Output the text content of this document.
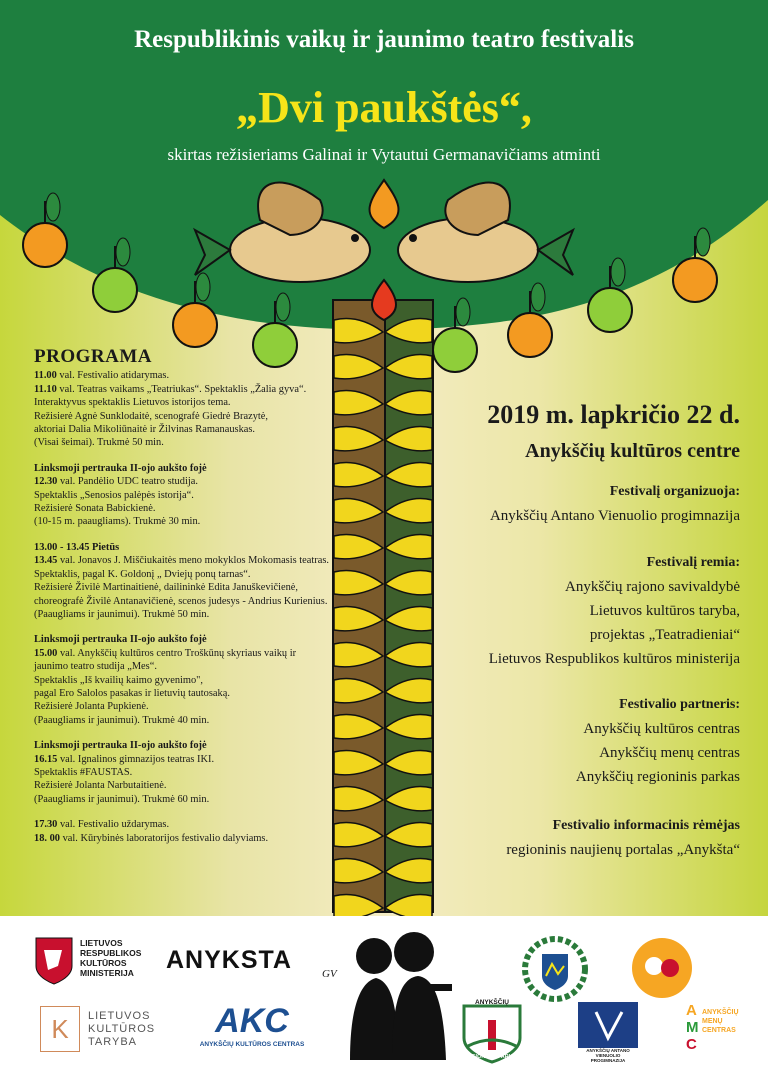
Respublikinis vaikų ir jaunimo teatro festivalis
„Dvi paukštės“,
skirtas režisieriams Galinai ir Vytautui Germanavičiams atminti
PROGRAMA
11.00 val. Festivalio atidarymas.
11.10 val. Teatras vaikams „Teatriukas“. Spektaklis „Žalia gyva“.
Interaktyvus spektaklis Lietuvos istorijos tema.
Režisierė Agnė Sunklodaitė, scenografė Giedrė Brazytė,
aktoriai Dalia Mikoliūnaitė ir Žilvinas Ramanauskas.
(Visai šeimai). Trukmė 50 min.
Linksmoji pertrauka II-ojo aukšto fojė
12.30 val. Pandėlio UDC teatro studija.
Spektaklis „Senosios palėpės istorija“.
Režisierė Sonata Babickienė.
(10-15 m. paaugliams). Trukmė 30 min.
13.00 - 13.45 Pietūs
13.45 val. Jonavos J. Miščiukaitės meno mokyklos Mokomasis teatras.
Spektaklis, pagal K. Goldonį „ Dviejų ponų tarnas“.
Režisierė Živilė Martinaitienė, dailininkė Edita Januškevičienė,
choreografė Živilė Antanavičienė, scenos judesys - Andrius Kurienius.
(Paaugliams ir jaunimui). Trukmė 50 min.
Linksmoji pertrauka II-ojo aukšto fojė
15.00 val. Anykščių kultūros centro Troškūnų skyriaus vaikų ir
jaunimo teatro studija „Mes“.
Spektaklis „Iš kvailių kaimo gyvenimo",
pagal Ero Salolos pasakas ir lietuvių tautosaką.
Režisierė Jolanta Pupkienė.
(Paaugliams ir jaunimui). Trukmė 40 min.
Linksmoji pertrauka II-ojo aukšto fojė
16.15 val. Ignalinos gimnazijos teatras IKI.
Spektaklis #FAUSTAS.
Režisierė Jolanta Narbutaitienė.
(Paaugliams ir jaunimui). Trukmė 60 min.
17.30 val. Festivalio uždarymas.
18. 00 val. Kūrybinės laboratorijos festivalio dalyviams.
2019 m. lapkričio 22 d.
Anykščių kultūros centre
Festivalį organizuoja:
Anykščių Antano Vienuolio progimnazija
Festivalį remia:
Anykščių rajono savivaldybė
Lietuvos kultūros taryba,
projektas „Teatradieniai“
Lietuvos Respublikos kultūros ministerija
Festivalio partneris:
Anykščių kultūros centras
Anykščių menų centras
Anykščių regioninis parkas
Festivalio informacinis rėmėjas
regioninis naujienų portalas „Anykšta“
LIETUVOS
RESPUBLIKOS
KULTŪROS
MINISTERIJA	ANYKSTA
K	LIETUVOS
KULTŪROS
TARYBA
AKC
ANYKŠČIŲ KULTŪROS CENTRAS
GV
ANYKŠČIŲ
REGIONINIS PARKAS
ANYKŠČIŲ ANTANO
VIENUOLIO PROGIMNAZIJA
A
M
C
ANYKŠČIŲ
MENŲ
CENTRAS
